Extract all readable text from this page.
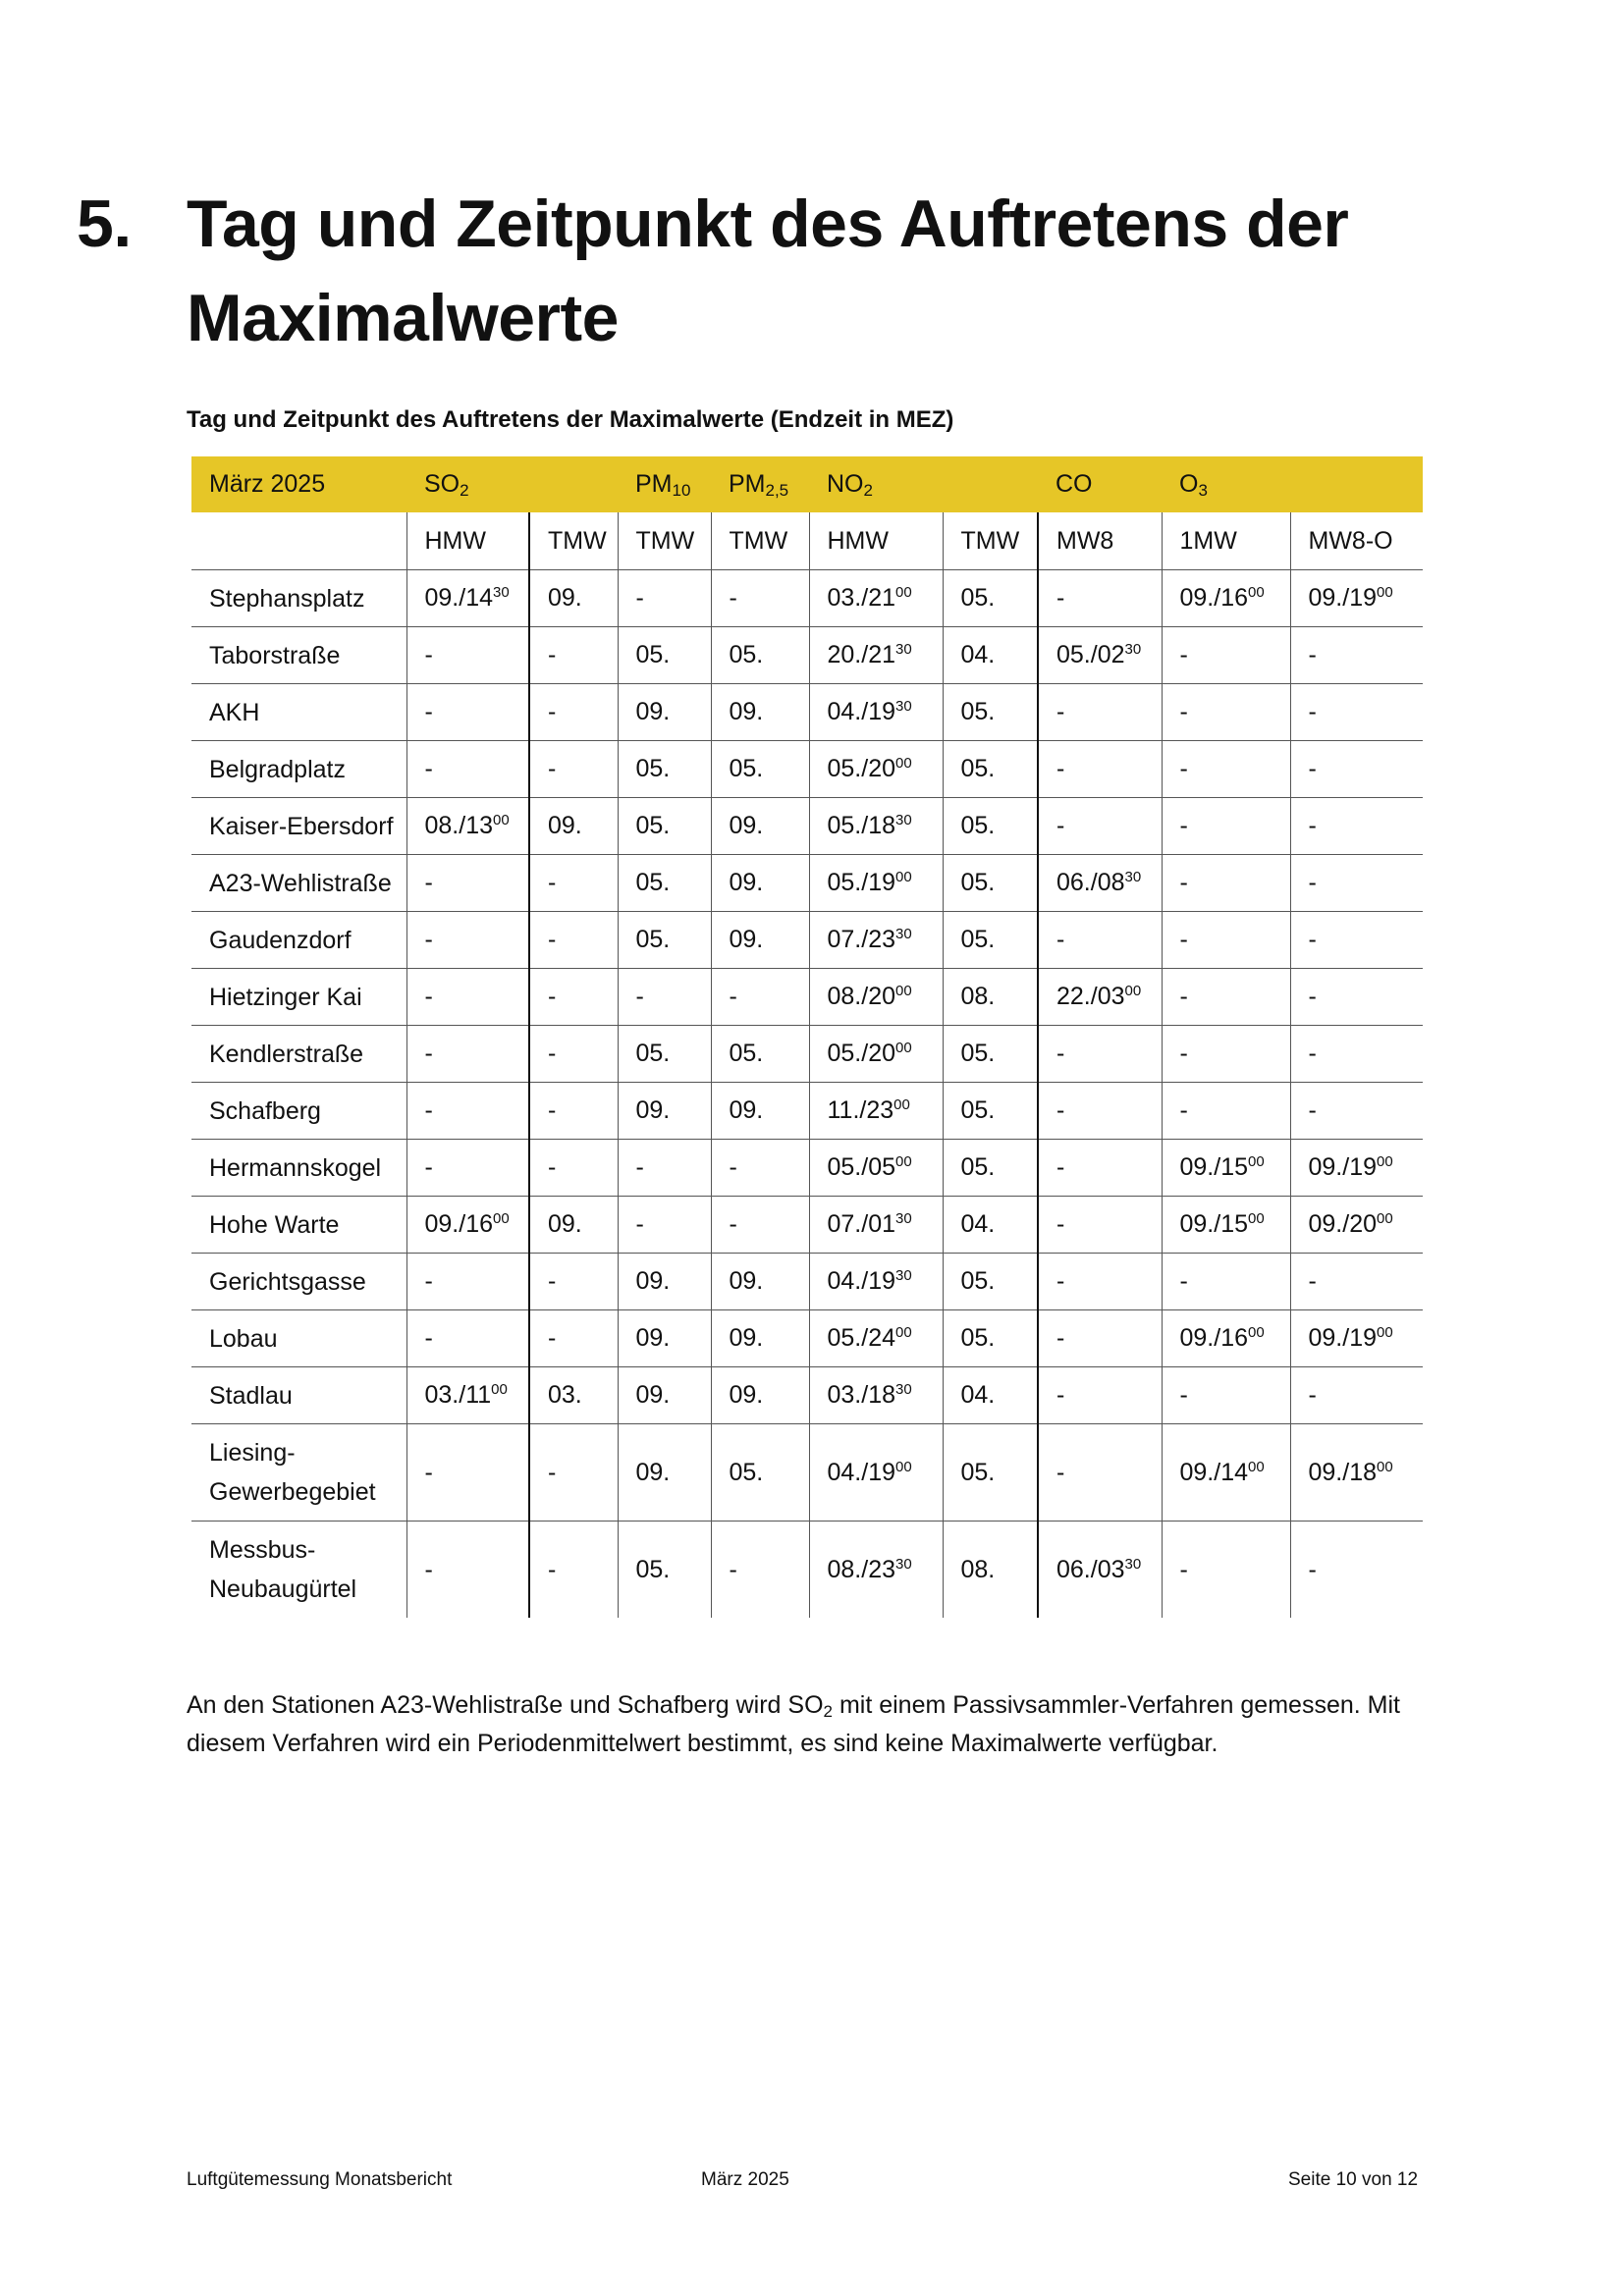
5. Tag und Zeitpunkt des Auftretens der Maximalwerte
Tag und Zeitpunkt des Auftretens der Maximalwerte (Endzeit in MEZ)
März 2025	$SO_2$		$PM_{10}$	$PM_{2,5}$	$NO_2$		CO	$O_3$
	HMW	TMW	TMW	TMW	HMW	TMW	MW8	1MW	MW8-O
Stephansplatz	$09./14^{30}$	09.	-	-	$03./21^{00}$	05.	-	$09./16^{00}$	$09./19^{00}$
Taborstraße	-	-	05.	05.	$20./21^{30}$	04.	$05./02^{30}$	-	-
AKH	-	-	09.	09.	$04./19^{30}$	05.	-	-	-
Belgradplatz	-	-	05.	05.	$05./20^{00}$	05.	-	-	-
Kaiser-Ebersdorf	$08./13^{00}$	09.	05.	09.	$05./18^{30}$	05.	-	-	-
A23-Wehlistraße	-	-	05.	09.	$05./19^{00}$	05.	$06./08^{30}$	-	-
Gaudenzdorf	-	-	05.	09.	$07./23^{30}$	05.	-	-	-
Hietzinger Kai	-	-	-	-	$08./20^{00}$	08.	$22./03^{00}$	-	-
Kendlerstraße	-	-	05.	05.	$05./20^{00}$	05.	-	-	-
Schafberg	-	-	09.	09.	$11./23^{00}$	05.	-	-	-
Hermannskogel	-	-	-	-	$05./05^{00}$	05.	-	$09./15^{00}$	$09./19^{00}$
Hohe Warte	$09./16^{00}$	09.	-	-	$07./01^{30}$	04.	-	$09./15^{00}$	$09./20^{00}$
Gerichtsgasse	-	-	09.	09.	$04./19^{30}$	05.	-	-	-
Lobau	-	-	09.	09.	$05./24^{00}$	05.	-	$09./16^{00}$	$09./19^{00}$
Stadlau	$03./11^{00}$	03.	09.	09.	$03./18^{30}$	04.	-	-	-
Liesing-Gewerbegebiet	-	-	09.	05.	$04./19^{00}$	05.	-	$09./14^{00}$	$09./18^{00}$
Messbus-Neubaugürtel	-	-	05.	-	$08./23^{30}$	08.	$06./03^{30}$	-	-
An den Stationen A23-Wehlistraße und Schafberg wird $SO_2$ mit einem Passivsammler-Verfahren gemessen. Mit diesem Verfahren wird ein Periodenmittelwert bestimmt, es sind keine Maximalwerte verfügbar.
Luftgütemessung Monatsbericht	März 2025	Seite 10 von 12
